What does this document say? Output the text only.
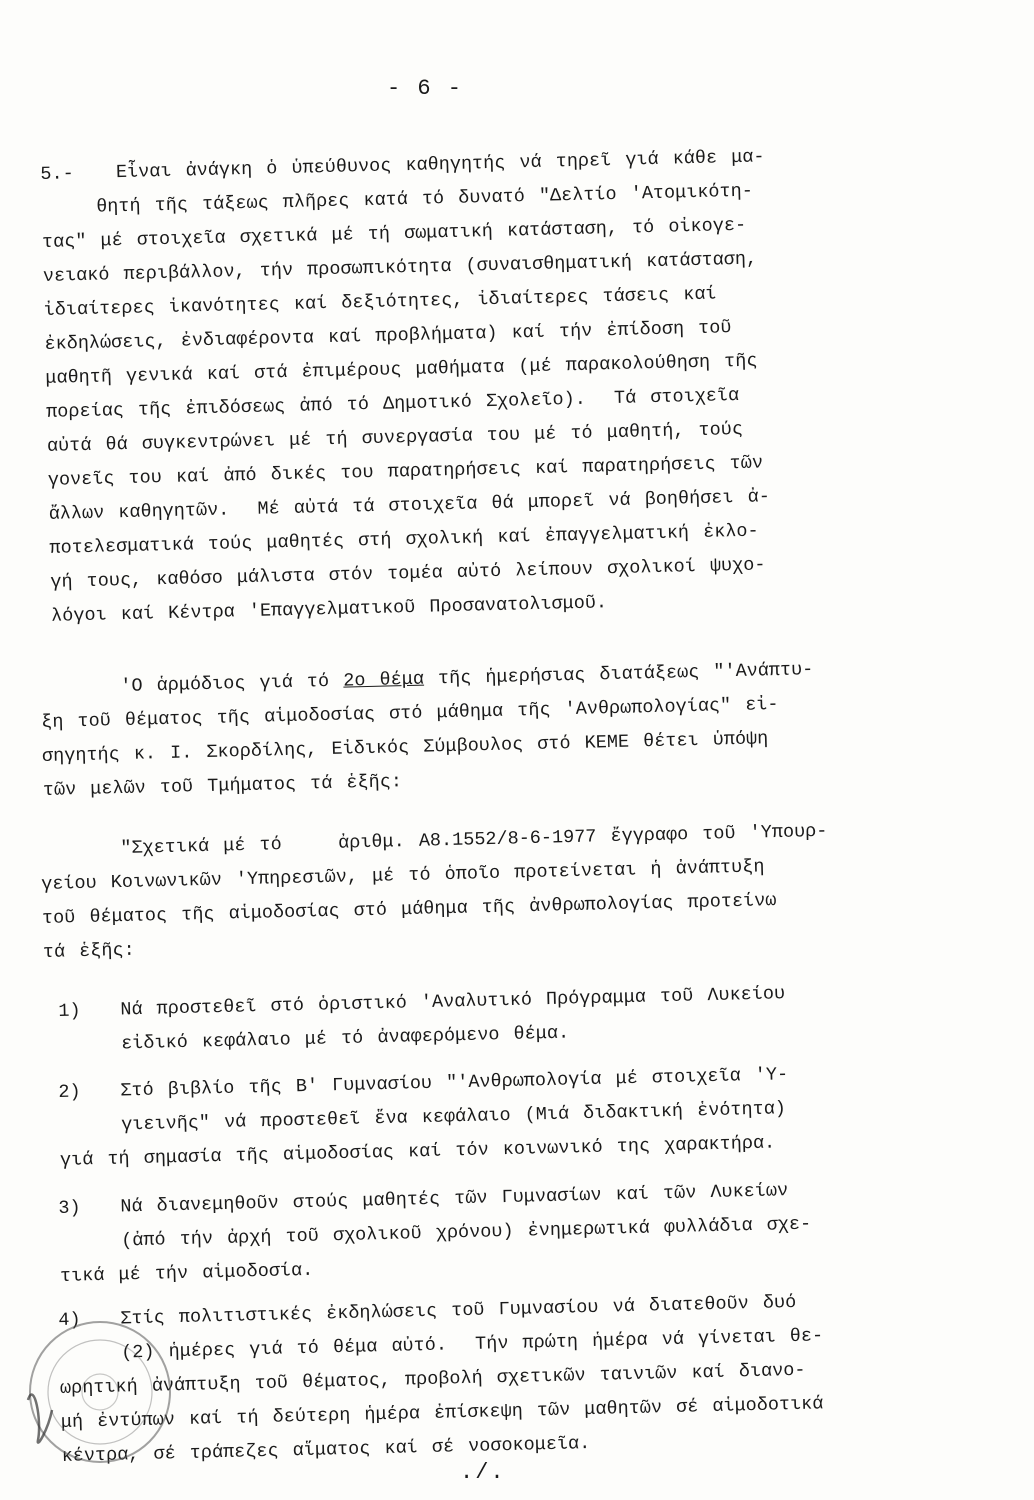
- 6 -
5.- Εἶναι ἀνάγκη ὁ ὑπεύθυνος καθηγητής νά τηρεῖ γιά κάθε μα-
θητή τῆς τάξεως πλῆρες κατά τό δυνατό "Δελτίο 'Ατομικότη-
τας" μέ στοιχεῖα σχετικά μέ τή σωματική κατάσταση, τό οἰκογε-
νειακό περιβάλλον, τήν προσωπικότητα (συναισθηματική κατάσταση,
ἰδιαίτερες ἱκανότητες καί δεξιότητες, ἰδιαίτερες τάσεις καί
ἐκδηλώσεις, ἐνδιαφέροντα καί προβλήματα) καί τήν ἐπίδοση τοῦ
μαθητῆ γενικά καί στά ἐπιμέρους μαθήματα (μέ παρακολούθηση τῆς
πορείας τῆς ἐπιδόσεως ἀπό τό Δημοτικό Σχολεῖο).  Τά στοιχεῖα
αὐτά θά συγκεντρώνει μέ τή συνεργασία του μέ τό μαθητή, τούς
γονεῖς του καί ἀπό δικές του παρατηρήσεις καί παρατηρήσεις τῶν
ἄλλων καθηγητῶν.  Μέ αὐτά τά στοιχεῖα θά μπορεῖ νά βοηθήσει ἀ-
ποτελεσματικά τούς μαθητές στή σχολική καί ἐπαγγελματική ἐκλο-
γή τους, καθόσο μάλιστα στόν τομέα αὐτό λείπουν σχολικοί ψυχο-
λόγοι καί Κέντρα 'Επαγγελματικοῦ Προσανατολισμοῦ.
'Ο ἁρμόδιος γιά τό 2ο θέμα τῆς ἡμερήσιας διατάξεως "'Ανάπτυ-
ξη τοῦ θέματος τῆς αἱμοδοσίας στό μάθημα τῆς 'Ανθρωπολογίας" εἰ-
σηγητής κ. Ι. Σκορδίλης, Εἰδικός Σύμβουλος στό ΚΕΜΕ θέτει ὑπόψη
τῶν μελῶν τοῦ Τμήματος τά ἑξῆς:
"Σχετικά μέ τό    ἀριθμ. Α8.1552/8-6-1977 ἔγγραφο τοῦ 'Υπουρ-
γείου Κοινωνικῶν 'Υπηρεσιῶν, μέ τό ὁποῖο προτείνεται ἡ ἀνάπτυξη
τοῦ θέματος τῆς αἱμοδοσίας στό μάθημα τῆς ἀνθρωπολογίας προτείνω
τά ἑξῆς:
1) Νά προστεθεῖ στό ὁριστικό 'Αναλυτικό Πρόγραμμα τοῦ Λυκείου
εἰδικό κεφάλαιο μέ τό ἀναφερόμενο θέμα.
2) Στό βιβλίο τῆς Β' Γυμνασίου "'Ανθρωπολογία μέ στοιχεῖα 'Υ-
γιεινῆς" νά προστεθεῖ ἕνα κεφάλαιο (Μιά διδακτική ἑνότητα)
γιά τή σημασία τῆς αἱμοδοσίας καί τόν κοινωνικό της χαρακτήρα.
3) Νά διανεμηθοῦν στούς μαθητές τῶν Γυμνασίων καί τῶν Λυκείων
(ἀπό τήν ἀρχή τοῦ σχολικοῦ χρόνου) ἐνημερωτικά φυλλάδια σχε-
τικά μέ τήν αἱμοδοσία.
4) Στίς πολιτιστικές ἐκδηλώσεις τοῦ Γυμνασίου νά διατεθοῦν δυό
(2) ἡμέρες γιά τό θέμα αὐτό.  Τήν πρώτη ἡμέρα νά γίνεται θε-
ωρητική ἀνάπτυξη τοῦ θέματος, προβολή σχετικῶν ταινιῶν καί διανο-
μή ἐντύπων καί τή δεύτερη ἡμέρα ἐπίσκεψη τῶν μαθητῶν σέ αἱμοδοτικά
κέντρα, σέ τράπεζες αἵματος καί σέ νοσοκομεῖα.
./.
